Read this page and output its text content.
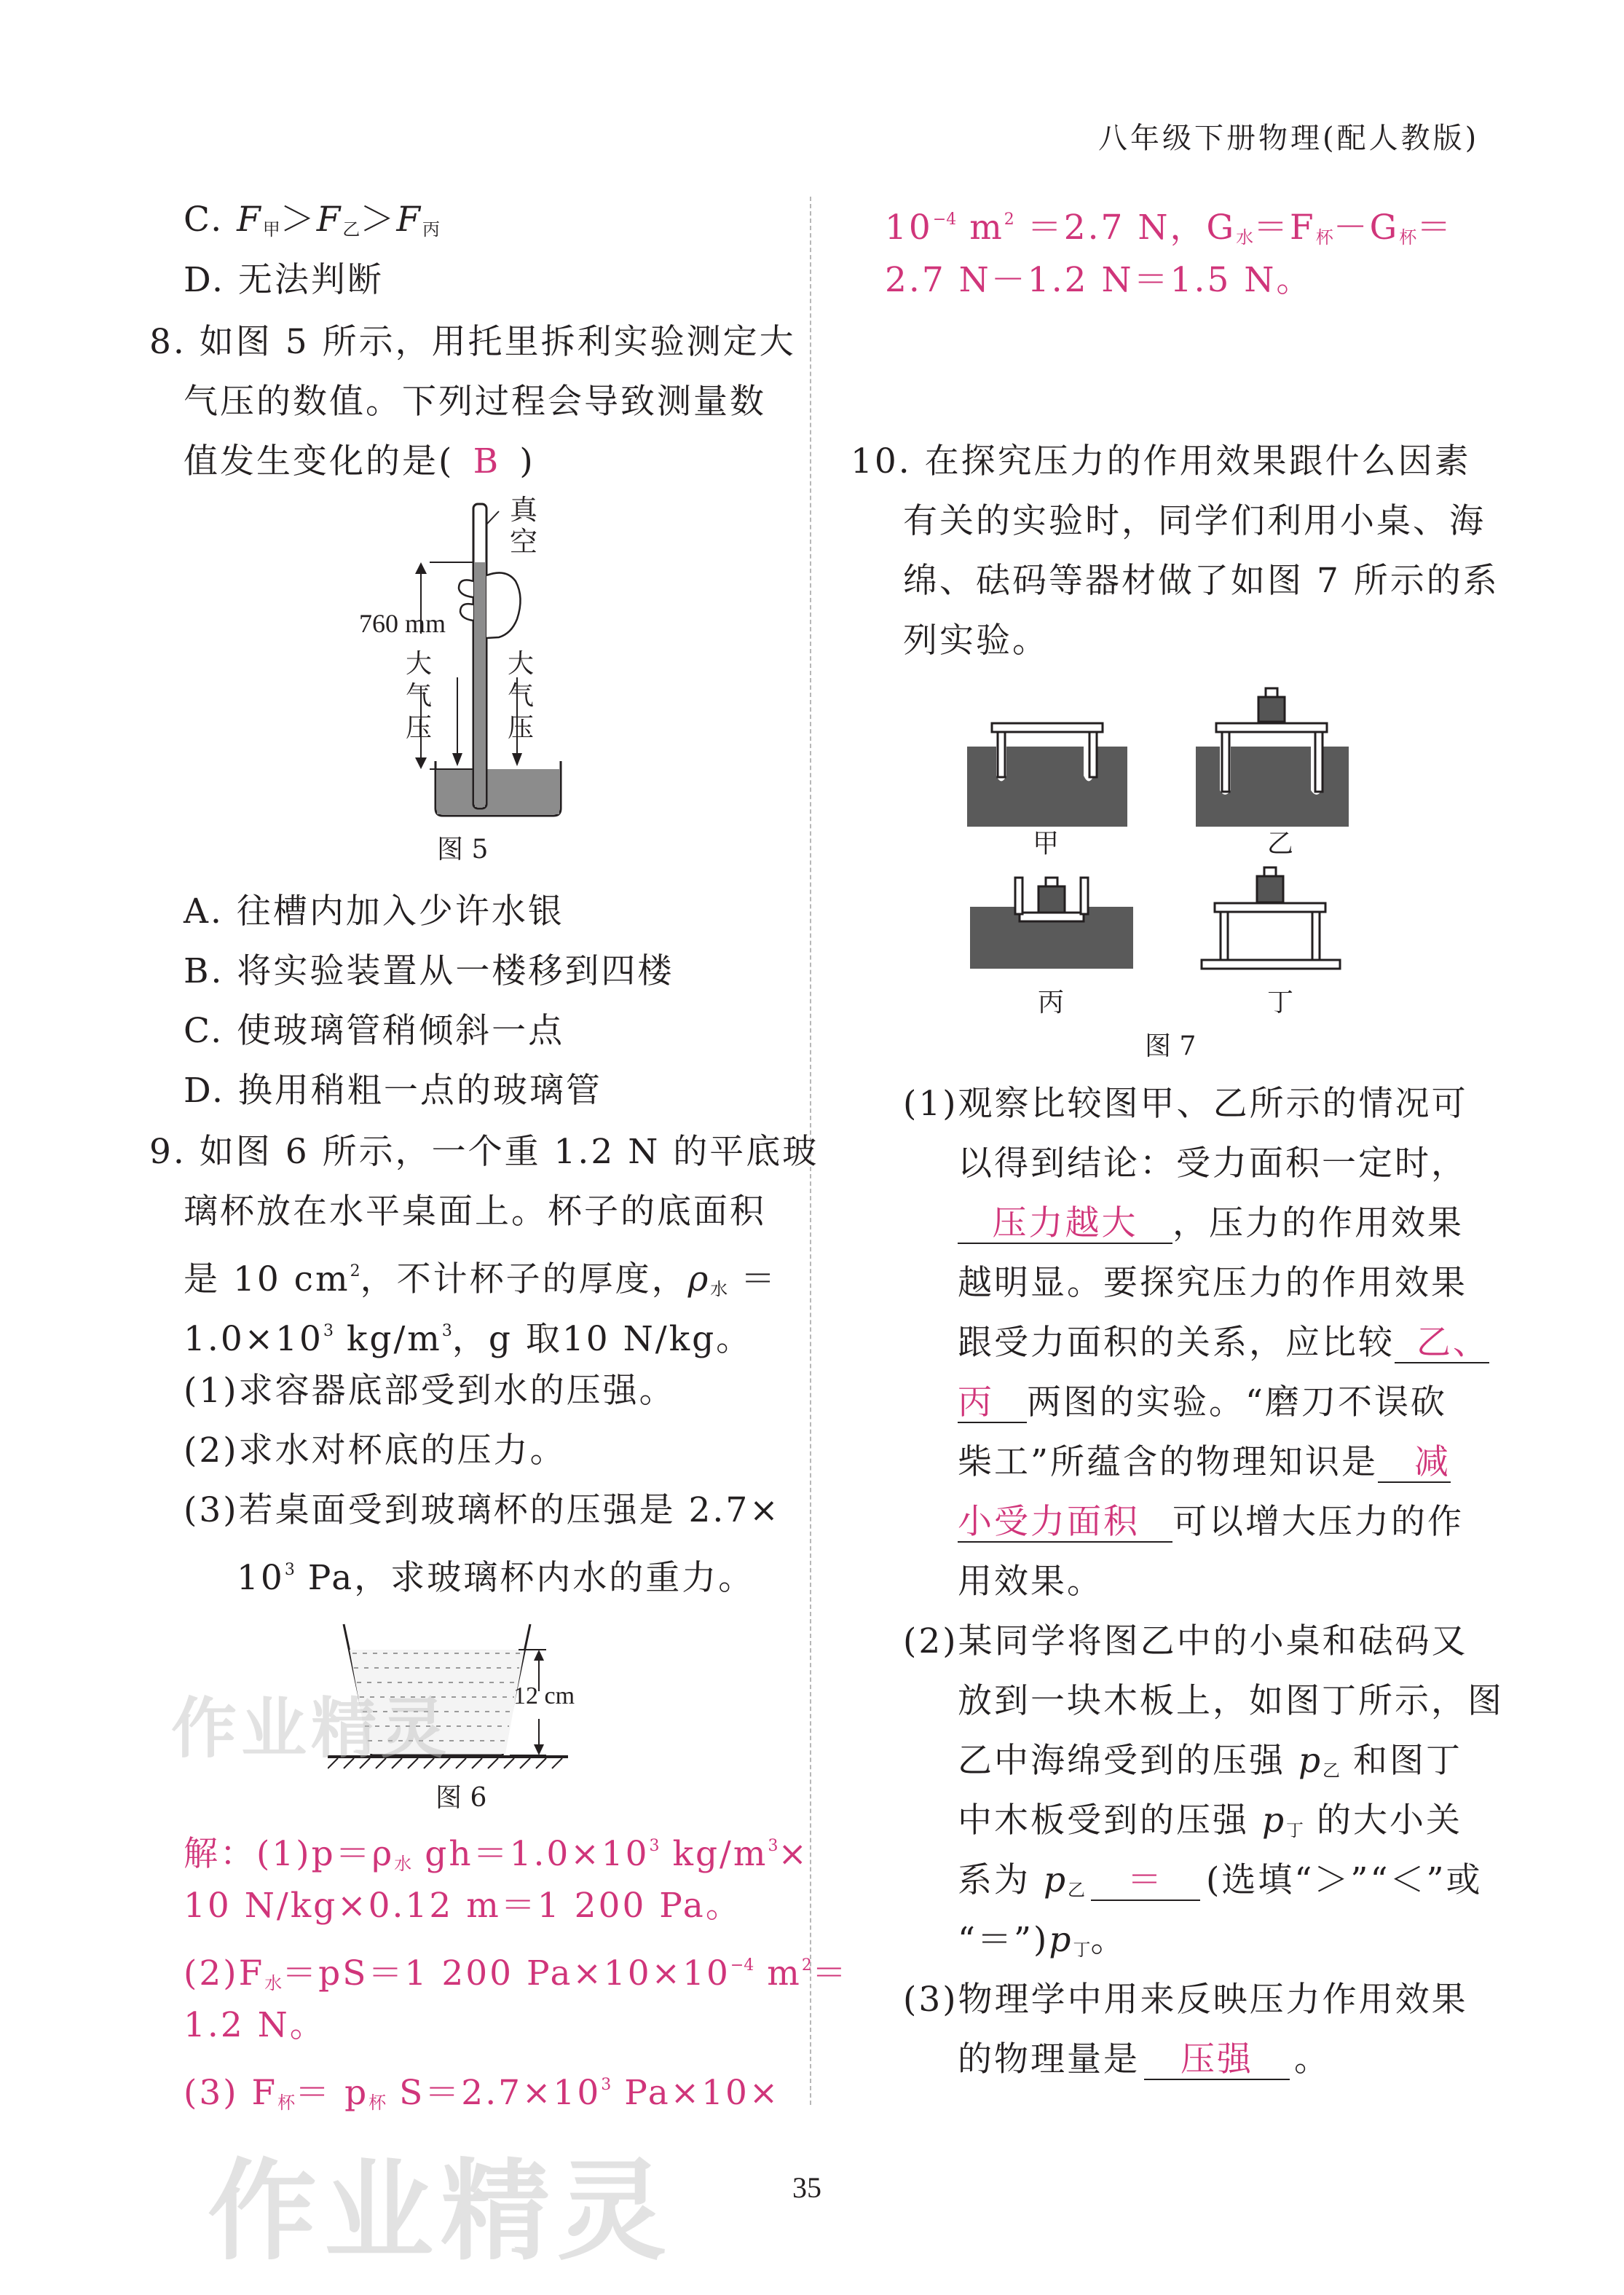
八年级下册物理(配人教版)
C. $F_甲>F_乙>F_丙$
D. 无法判断
8. 如图 5 所示，用托里拆利实验测定大
气压的数值。下列过程会导致测量数
值发生变化的是( B )
真空
760 mm
大气压
大气压
图 5
A. 往槽内加入少许水银
B. 将实验装置从一楼移到四楼
C. 使玻璃管稍倾斜一点
D. 换用稍粗一点的玻璃管
9. 如图 6 所示，一个重 1.2 N 的平底玻
璃杯放在水平桌面上。杯子的底面积
是 10 $cm^2$，不计杯子的厚度，$\rho_水$ ＝
$1.0\times 10^3$ $kg/m^3$，g 取10 N/kg。
(1)求容器底部受到水的压强。
(2)求水对杯底的压力。
(3)若桌面受到玻璃杯的压强是 2.7×
$10^3$ Pa，求玻璃杯内水的重力。
12 cm
作业精灵
图 6
解：$(1)p=\rho_水$ $gh=1.0\times 10^3$ $kg/m^3\times$
10 N/kg×0.12 m＝1 200 Pa。
$(2)F_水=pS=1$ 200 $Pa\times 10\times 10^{-4}$ $m^2=$
1.2 N。
(3) $F_杯= p_杯$ $S=2.7\times 10^3$ Pa×10×
$10^{-4}$ $m^2 =2.7$ N，$G_水=F_杯-G_杯=$
2.7 N－1.2 N＝1.5 N。
10. 在探究压力的作用效果跟什么因素
有关的实验时，同学们利用小桌、海
绵、砝码等器材做了如图 7 所示的系
列实验。
甲	乙
丙	丁
图 7
(1)观察比较图甲、乙所示的情况可
以得到结论：受力面积一定时，
压力越大 ，压力的作用效果
越明显。要探究压力的作用效果
跟受力面积的关系，应比较 乙、
丙 两图的实验。“磨刀不误砍
柴工”所蕴含的物理知识是 减
小受力面积 可以增大压力的作
用效果。
(2)某同学将图乙中的小桌和砝码又
放到一块木板上，如图丁所示，图
乙中海绵受到的压强 $p_乙$ 和图丁
中木板受到的压强 $p_丁$ 的大小关
系为 $p_乙$ ＝ (选填“＞”“＜”或
“$=”)p_丁$。
(3)物理学中用来反映压力作用效果
的物理量是 压强 。
作业精灵	35
